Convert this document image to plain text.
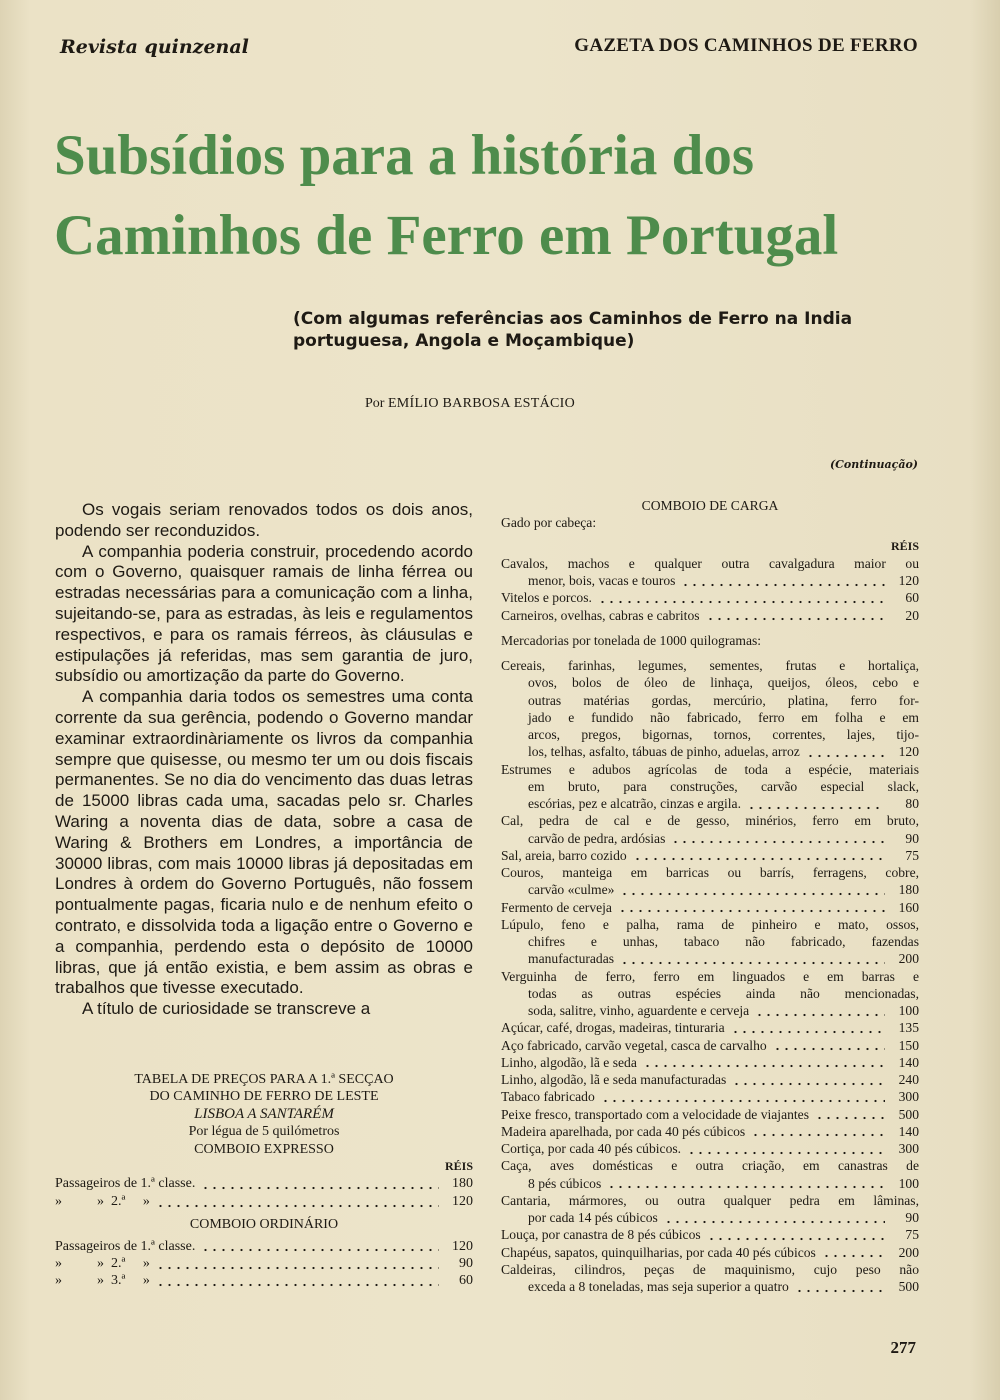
Revista quinzenal	GAZETA DOS CAMINHOS DE FERRO
Subsídios para a história dos
Caminhos de Ferro em Portugal
(Com algumas referências aos Caminhos de Ferro na India portuguesa, Angola e Moçambique)
Por EMÍLIO BARBOSA ESTÁCIO
(Continuação)

Os vogais seriam renovados todos os dois anos, podendo ser reconduzidos.

A companhia poderia construir, procedendo acordo com o Governo, quaisquer ramais de linha férrea ou estradas necessárias para a comunicação com a linha, sujeitando-se, para as estradas, às leis e regulamentos respectivos, e para os ramais férreos, às cláusulas e estipulações já referidas, mas sem garantia de juro, subsídio ou amortização da parte do Governo.

A companhia daria todos os semestres uma conta corrente da sua gerência, podendo o Governo mandar examinar extraordinàriamente os livros da companhia sempre que quisesse, ou mesmo ter um ou dois fiscais permanentes. Se no dia do vencimento das duas letras de 15000 libras cada uma, sacadas pelo sr. Charles Waring a noventa dias de data, sobre a casa de Waring & Brothers em Londres, a importância de 30000 libras, com mais 10000 libras já depositadas em Londres à ordem do Governo Português, não fossem pontualmente pagas, ficaria nulo e de nenhum efeito o contrato, e dissolvida toda a ligação entre o Governo e a companhia, perdendo esta o depósito de 10000 libras, que já então existia, e bem assim as obras e trabalhos que tivesse executado.

A título de curiosidade se transcreve a

TABELA DE PREÇOS PARA A 1.ª SECÇAO
DO CAMINHO DE FERRO DE LESTE
LISBOA A SANTARÉM
Por légua de 5 quilómetros
COMBOIO EXPRESSO
RÉIS
Passageiros de 1.ª classe.	180
»          »  2.ª     »	120
COMBOIO ORDINÁRIO
Passageiros de 1.ª classe.	120
»          »  2.ª     »	90
»          »  3.ª     »	60
COMBOIO DE CARGA
Gado por cabeça:
RÉIS
Cavalos, machos e qualquer outra cavalgadura maior ou
menor, bois, vacas e touros	120
Vitelos e porcos.	60
Carneiros, ovelhas, cabras e cabritos	20
Mercadorias por tonelada de 1000 quilogramas:
Cereais, farinhas, legumes, sementes, frutas e hortaliça,
ovos, bolos de óleo de linhaça, queijos, óleos, cebo e
outras matérias gordas, mercúrio, platina, ferro for-
jado e fundido não fabricado, ferro em folha e em
arcos, pregos, bigornas, tornos, correntes, lajes, tijo-
los, telhas, asfalto, tábuas de pinho, aduelas, arroz	120
Estrumes e adubos agrícolas de toda a espécie, materiais
em bruto, para construções, carvão especial slack,
escórias, pez e alcatrão, cinzas e argila.	80
Cal, pedra de cal e de gesso, minérios, ferro em bruto,
carvão de pedra, ardósias	90
Sal, areia, barro cozido	75
Couros, manteiga em barricas ou barrís, ferragens, cobre,
carvão «culme»	180
Fermento de cerveja	160
Lúpulo, feno e palha, rama de pinheiro e mato, ossos,
chifres e unhas, tabaco não fabricado, fazendas
manufacturadas	200
Verguinha de ferro, ferro em linguados e em barras e
todas as outras espécies ainda não mencionadas,
soda, salitre, vinho, aguardente e cerveja	100
Açúcar, café, drogas, madeiras, tinturaria	135
Aço fabricado, carvão vegetal, casca de carvalho	150
Linho, algodão, lã e seda	140
Linho, algodão, lã e seda manufacturadas	240
Tabaco fabricado	300
Peixe fresco, transportado com a velocidade de viajantes	500
Madeira aparelhada, por cada 40 pés cúbicos	140
Cortiça, por cada 40 pés cúbicos.	300
Caça, aves domésticas e outra criação, em canastras de
8 pés cúbicos	100
Cantaria, mármores, ou outra qualquer pedra em lâminas,
por cada 14 pés cúbicos	90
Louça, por canastra de 8 pés cúbicos	75
Chapéus, sapatos, quinquilharias, por cada 40 pés cúbicos	200
Caldeiras, cilindros, peças de maquinismo, cujo peso não
exceda a 8 toneladas, mas seja superior a quatro	500
277
